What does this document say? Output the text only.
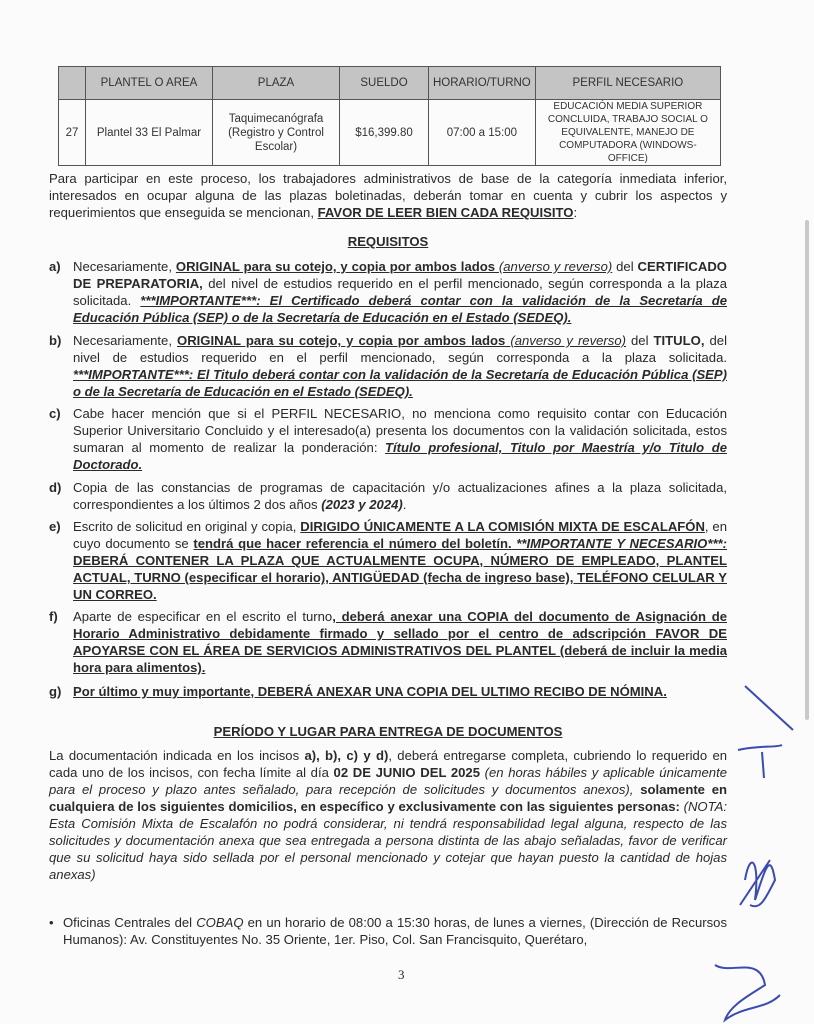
	PLANTEL O AREA	PLAZA	SUELDO	HORARIO/TURNO	PERFIL NECESARIO
27	Plantel 33 El Palmar	Taquimecanógrafa (Registro y Control Escolar)	$16,399.80	07:00 a 15:00	EDUCACIÓN MEDIA SUPERIOR CONCLUIDA, TRABAJO SOCIAL O EQUIVALENTE, MANEJO DE COMPUTADORA (WINDOWS-OFFICE)

Para participar en este proceso, los trabajadores administrativos de base de la categoría inmediata inferior, interesados en ocupar alguna de las plazas boletinadas, deberán tomar en cuenta y cubrir los aspectos y requerimientos que enseguida se mencionan, FAVOR DE LEER BIEN CADA REQUISITO:

REQUISITOS
a) Necesariamente, ORIGINAL para su cotejo, y copia por ambos lados (anverso y reverso) del CERTIFICADO DE PREPARATORIA, del nivel de estudios requerido en el perfil mencionado, según corresponda a la plaza solicitada. ***IMPORTANTE***: El Certificado deberá contar con la validación de la Secretaría de Educación Pública (SEP) o de la Secretaría de Educación en el Estado (SEDEQ).
b) Necesariamente, ORIGINAL para su cotejo, y copia por ambos lados (anverso y reverso) del TITULO, del nivel de estudios requerido en el perfil mencionado, según corresponda a la plaza solicitada. ***IMPORTANTE***: El Titulo deberá contar con la validación de la Secretaría de Educación Pública (SEP) o de la Secretaría de Educación en el Estado (SEDEQ).
c) Cabe hacer mención que si el PERFIL NECESARIO, no menciona como requisito contar con Educación Superior Universitario Concluido y el interesado(a) presenta los documentos con la validación solicitada, estos sumaran al momento de realizar la ponderación: Título profesional, Titulo por Maestría y/o Titulo de Doctorado.
d) Copia de las constancias de programas de capacitación y/o actualizaciones afines a la plaza solicitada, correspondientes a los últimos 2 dos años (2023 y 2024).
e) Escrito de solicitud en original y copia, DIRIGIDO ÚNICAMENTE A LA COMISIÓN MIXTA DE ESCALAFÓN, en cuyo documento se tendrá que hacer referencia el número del boletín. **IMPORTANTE Y NECESARIO***: DEBERÁ CONTENER LA PLAZA QUE ACTUALMENTE OCUPA, NÚMERO DE EMPLEADO, PLANTEL ACTUAL, TURNO (especificar el horario), ANTIGÜEDAD (fecha de ingreso base), TELÉFONO CELULAR Y UN CORREO.
f)	Aparte de especificar en el escrito el turno, deberá anexar una COPIA del documento de Asignación de Horario Administrativo debidamente firmado y sellado por el centro de adscripción FAVOR DE APOYARSE CON EL ÁREA DE SERVICIOS ADMINISTRATIVOS DEL PLANTEL (deberá de incluir la media hora para alimentos).
g) Por último y muy importante, DEBERÁ ANEXAR UNA COPIA DEL ULTIMO RECIBO DE NÓMINA.
PERÍODO Y LUGAR PARA ENTREGA DE DOCUMENTOS

La documentación indicada en los incisos a), b), c) y d), deberá entregarse completa, cubriendo lo requerido en cada uno de los incisos, con fecha límite al día 02 DE JUNIO DEL 2025 (en horas hábiles y aplicable únicamente para el proceso y plazo antes señalado, para recepción de solicitudes y documentos anexos), solamente en cualquiera de los siguientes domicilios, en específico y exclusivamente con las siguientes personas: (NOTA: Esta Comisión Mixta de Escalafón no podrá considerar, ni tendrá responsabilidad legal alguna, respecto de las solicitudes y documentación anexa que sea entregada a persona distinta de las abajo señaladas, favor de verificar que su solicitud haya sido sellada por el personal mencionado y cotejar que hayan puesto la cantidad de hojas anexas)

• Oficinas Centrales del COBAQ en un horario de 08:00 a 15:30 horas, de lunes a viernes, (Dirección de Recursos Humanos): Av. Constituyentes No. 35 Oriente, 1er. Piso, Col. San Francisquito, Querétaro,
3
